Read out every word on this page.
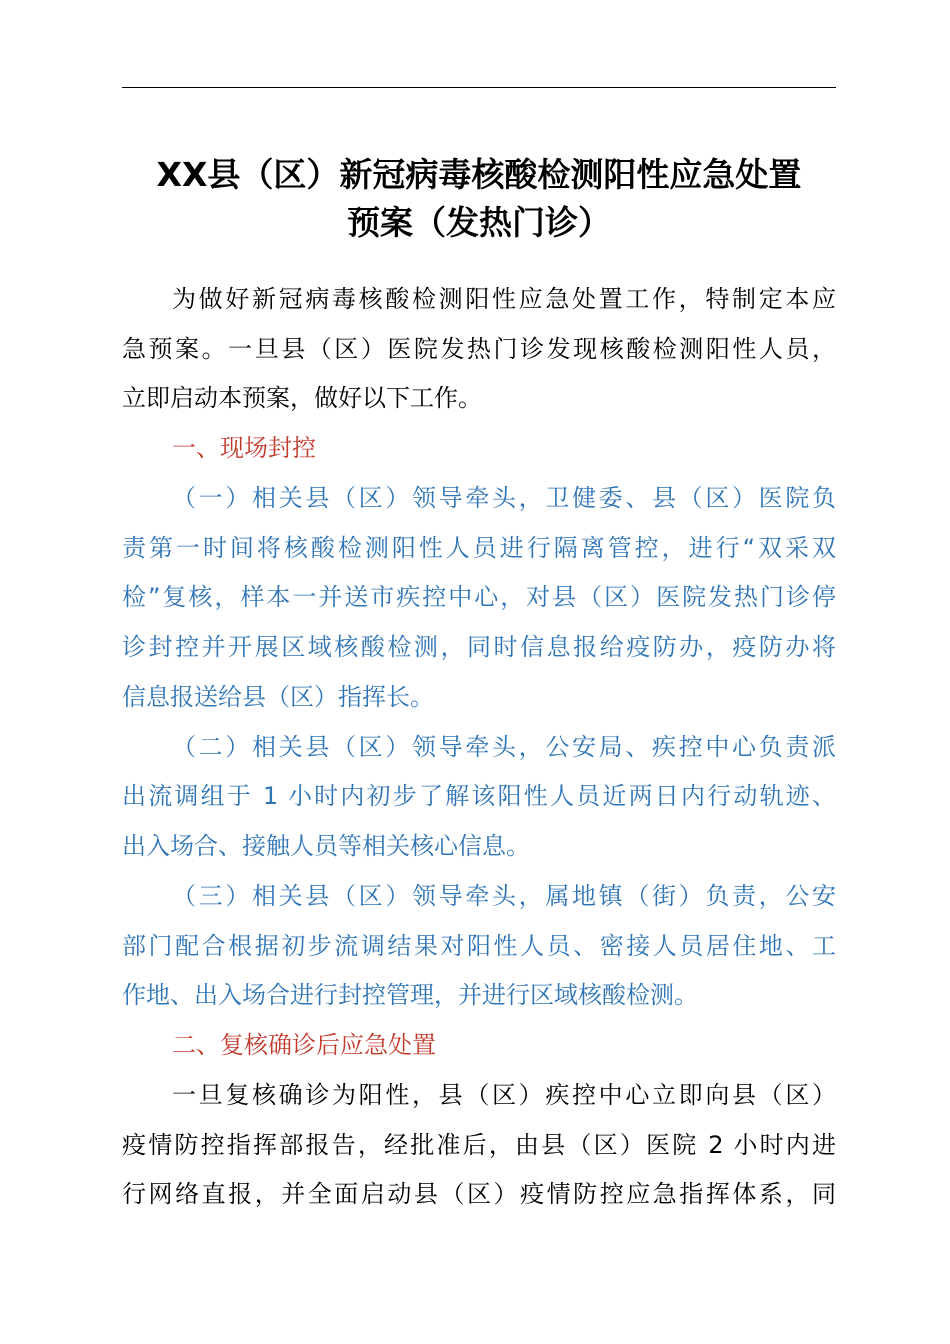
XX县（区）新冠病毒核酸检测阳性应急处置
预案（发热门诊）
为做好新冠病毒核酸检测阳性应急处置工作，特制定本应
急预案。一旦县（区）医院发热门诊发现核酸检测阳性人员，
立即启动本预案，做好以下工作。
一、现场封控
（一）相关县（区）领导牵头，卫健委、县（区）医院负
责第一时间将核酸检测阳性人员进行隔离管控，进行“双采双
检”复核，样本一并送市疾控中心，对县（区）医院发热门诊停
诊封控并开展区域核酸检测，同时信息报给疫防办，疫防办将
信息报送给县（区）指挥长。
（二）相关县（区）领导牵头，公安局、疾控中心负责派
出流调组于 1 小时内初步了解该阳性人员近两日内行动轨迹、
出入场合、接触人员等相关核心信息。
（三）相关县（区）领导牵头，属地镇（街）负责，公安
部门配合根据初步流调结果对阳性人员、密接人员居住地、工
作地、出入场合进行封控管理，并进行区域核酸检测。
二、复核确诊后应急处置
一旦复核确诊为阳性，县（区）疾控中心立即向县（区）
疫情防控指挥部报告，经批准后，由县（区）医院 2 小时内进
行网络直报，并全面启动县（区）疫情防控应急指挥体系，同
